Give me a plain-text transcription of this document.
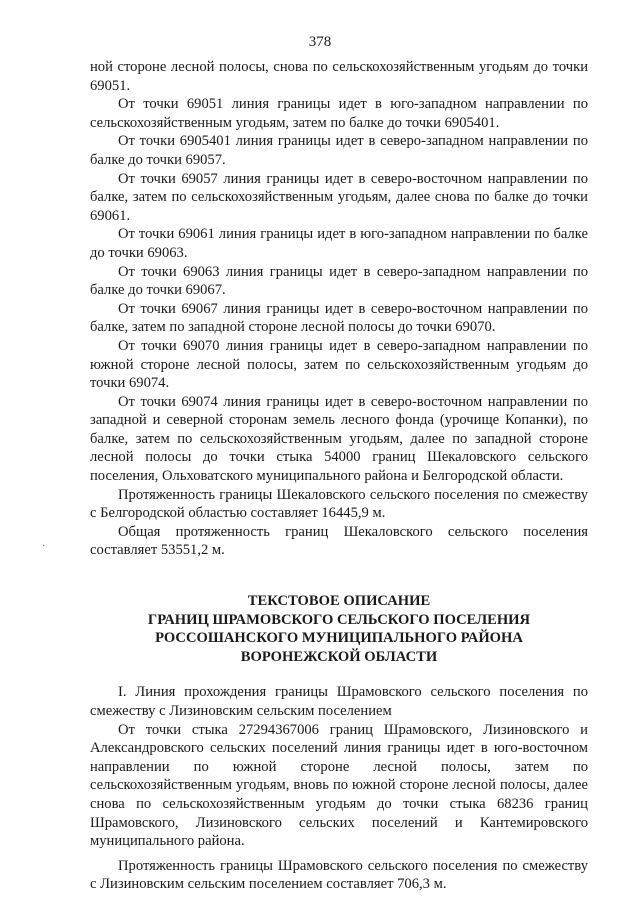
378
·

ной стороне лесной полосы, снова по сельскохозяйственным угодьям до точки 69051.

От точки 69051 линия границы идет в юго-западном направлении по сельскохозяйственным угодьям, затем по балке до точки 6905401.

От точки 6905401 линия границы идет в северо-западном направлении по балке до точки 69057.

От точки 69057 линия границы идет в северо-восточном направлении по балке, затем по сельскохозяйственным угодьям, далее снова по балке до точки 69061.

От точки 69061 линия границы идет в юго-западном направлении по балке до точки 69063.

От точки 69063 линия границы идет в северо-западном направлении по балке до точки 69067.

От точки 69067 линия границы идет в северо-восточном направлении по балке, затем по западной стороне лесной полосы до точки 69070.

От точки 69070 линия границы идет в северо-западном направлении по южной стороне лесной полосы, затем по сельскохозяйственным угодьям до точки 69074.

От точки 69074 линия границы идет в северо-восточном направлении по западной и северной сторонам земель лесного фонда (урочище Копанки), по балке, затем по сельскохозяйственным угодьям, далее по западной стороне лесной полосы до точки стыка 54000 границ Шекаловского сельского поселения, Ольховатского муниципального района и Белгородской области.

Протяженность границы Шекаловского сельского поселения по смежеству с Белгородской областью составляет 16445,9 м.

Общая протяженность границ Шекаловского сельского поселения составляет 53551,2 м.

ТЕКСТОВОЕ ОПИСАНИЕ
ГРАНИЦ ШРАМОВСКОГО СЕЛЬСКОГО ПОСЕЛЕНИЯ
РОССОШАНСКОГО МУНИЦИПАЛЬНОГО РАЙОНА
ВОРОНЕЖСКОЙ ОБЛАСТИ

I. Линия прохождения границы Шрамовского сельского поселения по смежеству с Лизиновским сельским поселением

От точки стыка 27294367006 границ Шрамовского, Лизиновского и Александровского сельских поселений линия границы идет в юго-восточном направлении по южной стороне лесной полосы, затем по сельскохозяйственным угодьям, вновь по южной стороне лесной полосы, далее снова по сельскохозяйственным угодьям до точки стыка 68236 границ Шрамовского, Лизиновского сельских поселений и Кантемировского муниципального района.

Протяженность границы Шрамовского сельского поселения по смежеству с Лизиновским сельским поселением составляет 706,3 м.
